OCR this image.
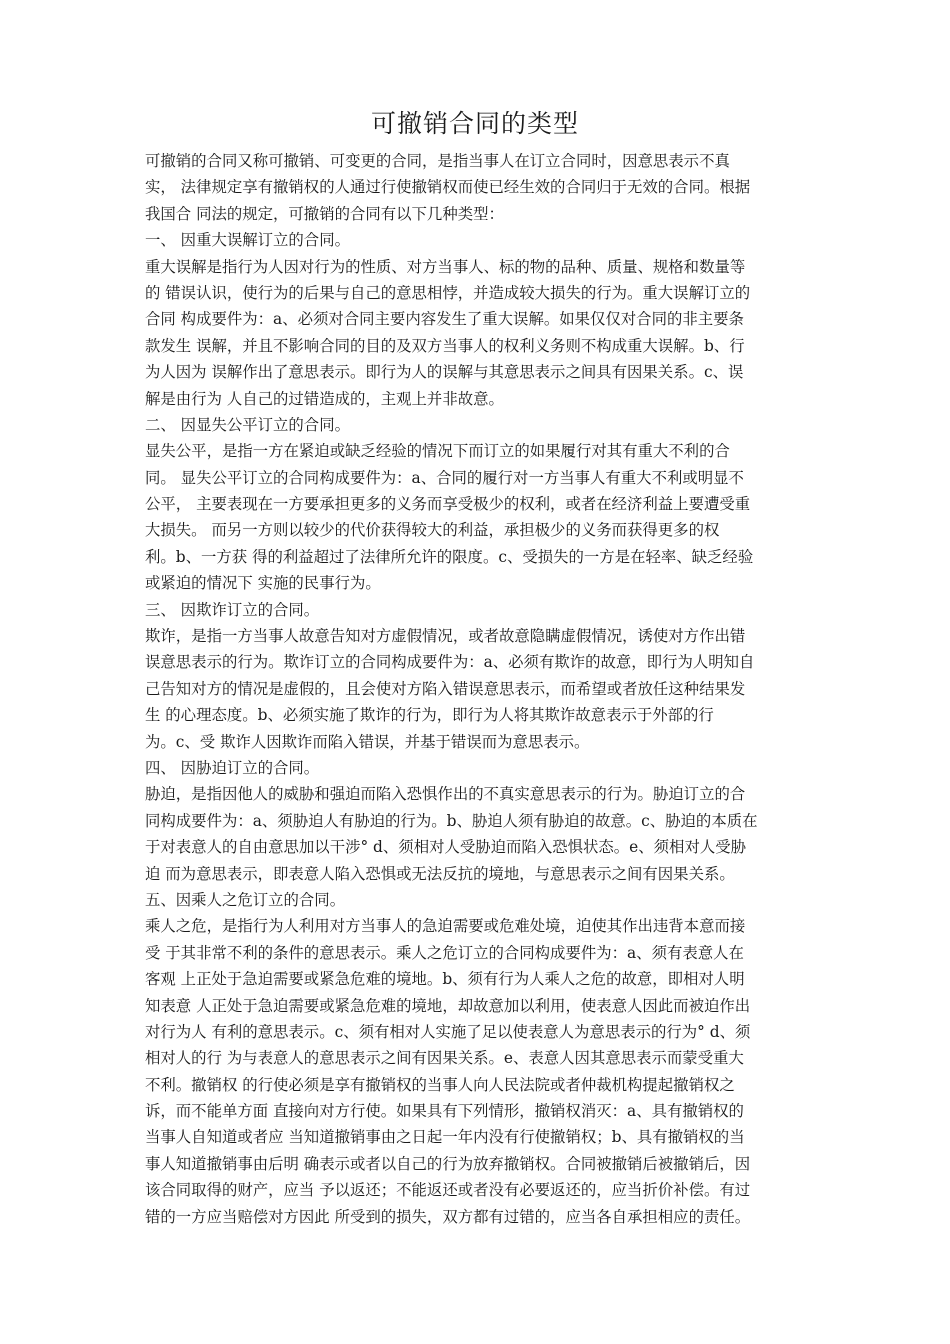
可撤销合同的类型
可撤销的合同又称可撤销、可变更的合同，是指当事人在订立合同时，因意思表示不真
实， 法律规定享有撤销权的人通过行使撤销权而使已经生效的合同归于无效的合同。根据
我国合 同法的规定，可撤销的合同有以下几种类型：
一、 因重大误解订立的合同。
重大误解是指行为人因对行为的性质、对方当事人、标的物的品种、质量、规格和数量等
的 错误认识，使行为的后果与自己的意思相悖，并造成较大损失的行为。重大误解订立的
合同 构成要件为：a、必须对合同主要内容发生了重大误解。如果仅仅对合同的非主要条
款发生 误解，并且不影响合同的目的及双方当事人的权利义务则不构成重大误解。b、行
为人因为 误解作出了意思表示。即行为人的误解与其意思表示之间具有因果关系。c、误
解是由行为 人自己的过错造成的，主观上并非故意。
二、 因显失公平订立的合同。
显失公平，是指一方在紧迫或缺乏经验的情况下而订立的如果履行对其有重大不利的合
同。 显失公平订立的合同构成要件为：a、合同的履行对一方当事人有重大不利或明显不
公平， 主要表现在一方要承担更多的义务而享受极少的权利，或者在经济利益上要遭受重
大损失。 而另一方则以较少的代价获得较大的利益，承担极少的义务而获得更多的权
利。b、一方获 得的利益超过了法律所允许的限度。c、受损失的一方是在轻率、缺乏经验
或紧迫的情况下 实施的民事行为。
三、 因欺诈订立的合同。
欺诈，是指一方当事人故意告知对方虚假情况，或者故意隐瞒虚假情况，诱使对方作出错
误意思表示的行为。欺诈订立的合同构成要件为：a、必须有欺诈的故意，即行为人明知自
己告知对方的情况是虚假的，且会使对方陷入错误意思表示，而希望或者放任这种结果发
生 的心理态度。b、必须实施了欺诈的行为，即行为人将其欺诈故意表示于外部的行
为。c、受 欺诈人因欺诈而陷入错误，并基于错误而为意思表示。
四、 因胁迫订立的合同。
胁迫，是指因他人的威胁和强迫而陷入恐惧作出的不真实意思表示的行为。胁迫订立的合
同构成要件为：a、须胁迫人有胁迫的行为。b、胁迫人须有胁迫的故意。c、胁迫的本质在
于对表意人的自由意思加以干涉° d、须相对人受胁迫而陷入恐惧状态。e、须相对人受胁
迫 而为意思表示，即表意人陷入恐惧或无法反抗的境地，与意思表示之间有因果关系。
五、因乘人之危订立的合同。
乘人之危，是指行为人利用对方当事人的急迫需要或危难处境，迫使其作出违背本意而接
受 于其非常不利的条件的意思表示。乘人之危订立的合同构成要件为：a、须有表意人在
客观 上正处于急迫需要或紧急危难的境地。b、须有行为人乘人之危的故意，即相对人明
知表意 人正处于急迫需要或紧急危难的境地，却故意加以利用，使表意人因此而被迫作出
对行为人 有利的意思表示。c、须有相对人实施了足以使表意人为意思表示的行为° d、须
相对人的行 为与表意人的意思表示之间有因果关系。e、表意人因其意思表示而蒙受重大
不利。撤销权 的行使必须是享有撤销权的当事人向人民法院或者仲裁机构提起撤销权之
诉，而不能单方面 直接向对方行使。如果具有下列情形，撤销权消灭：a、具有撤销权的
当事人自知道或者应 当知道撤销事由之日起一年内没有行使撤销权；b、具有撤销权的当
事人知道撤销事由后明 确表示或者以自己的行为放弃撤销权。合同被撤销后被撤销后，因
该合同取得的财产，应当 予以返还；不能返还或者没有必要返还的，应当折价补偿。有过
错的一方应当赔偿对方因此 所受到的损失，双方都有过错的，应当各自承担相应的责任。
